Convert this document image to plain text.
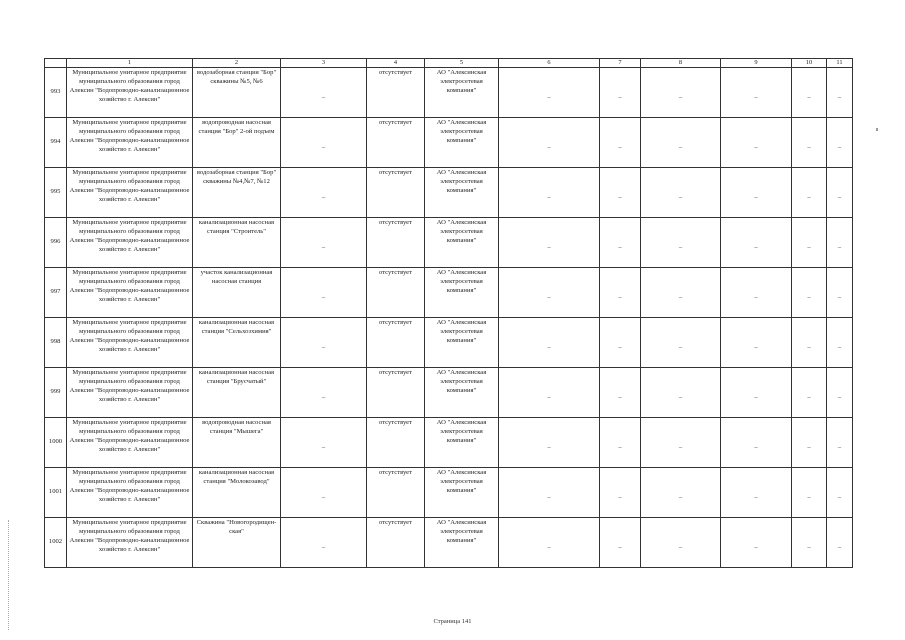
	1	2	3	4	5	6	7	8	9	10	11
993	Муниципальное унитарное предприятие муниципального образования город Алексин "Водопроводно-канализационное хозяйство г. Алексин"	водозаборная станция "Бор" скважины №5, №6	–	отсутствует	АО "Алексинская электросетевая компания"	–	–	–	–	–	–
994	Муниципальное унитарное предприятие муниципального образования город Алексин "Водопроводно-канализационное хозяйство г. Алексин"	водопроводная насосная станция "Бор" 2-ой подъем	–	отсутствует	АО "Алексинская электросетевая компания"	–	–	–	–	–	–
995	Муниципальное унитарное предприятие муниципального образования город Алексин "Водопроводно-канализационное хозяйство г. Алексин"	водозаборная станция "Бор" скважины №4,№7, №12	–	отсутствует	АО "Алексинская электросетевая компания"	–	–	–	–	–	–
996	Муниципальное унитарное предприятие муниципального образования город Алексин "Водопроводно-канализационное хозяйство г. Алексин"	канализационная насосная станция "Строитель"	–	отсутствует	АО "Алексинская электросетевая компания"	–	–	–	–	–	–
997	Муниципальное унитарное предприятие муниципального образования город Алексин "Водопроводно-канализационное хозяйство г. Алексин"	участок канализационная насосная станция	–	отсутствует	АО "Алексинская электросетевая компания"	–	–	–	–	–	–
998	Муниципальное унитарное предприятие муниципального образования город Алексин "Водопроводно-канализационное хозяйство г. Алексин"	канализационная насосная станция "Сельхозхимия"	–	отсутствует	АО "Алексинская электросетевая компания"	–	–	–	–	–	–
999	Муниципальное унитарное предприятие муниципального образования город Алексин "Водопроводно-канализационное хозяйство г. Алексин"	канализационная насосная станция "Брусчатый"	–	отсутствует	АО "Алексинская электросетевая компания"	–	–	–	–	–	–
1000	Муниципальное унитарное предприятие муниципального образования город Алексин "Водопроводно-канализационное хозяйство г. Алексин"	водопроводная насосная станция "Мышега"	–	отсутствует	АО "Алексинская электросетевая компания"	–	–	–	–	–	–
1001	Муниципальное унитарное предприятие муниципального образования город Алексин "Водопроводно-канализационное хозяйство г. Алексин"	канализационная насосная станция "Молокозавод"	–	отсутствует	АО "Алексинская электросетевая компания"	–	–	–	–	–	–
1002	Муниципальное унитарное предприятие муниципального образования город Алексин "Водопроводно-канализационное хозяйство г. Алексин"	Скважина "Новогородищен-ская"	–	отсутствует	АО "Алексинская электросетевая компания"	–	–	–	–	–	–
Страница 141
